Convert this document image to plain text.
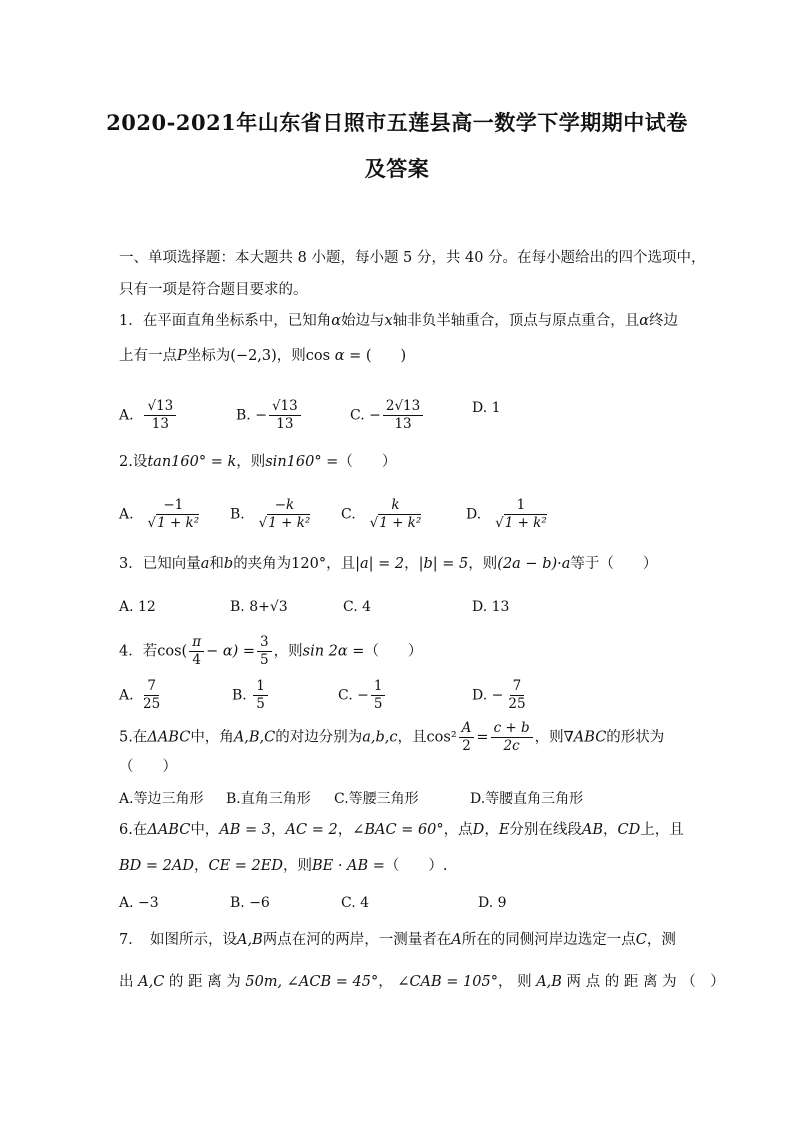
2020-2021年山东省日照市五莲县高一数学下学期期中试卷
及答案
一、单项选择题：本大题共 8 小题，每小题 5 分，共 40 分。在每小题给出的四个选项中，
只有一项是符合题目要求的。
1．在平面直角坐标系中，已知角α始边与x轴非负半轴重合，顶点与原点重合，且α终边
上有一点P坐标为(−2,3)，则cos α = (　　)
A. $\frac{√13}{13}$	B. − $\frac{√13}{13}$	C. − $\frac{2√13}{13}$	D. 1
2.设tan160° = k，则sin160° =（　　）
A. $\frac{-1}{\text{√1 + k²}} B$. $\frac{-k}{\text{√1 + k²}} C$. $\frac{k}{\text{√1 + k²}}$	D. $\frac{1}{\text{√1 + k²}}$
3．已知向量a和b的夹角为120°，且|a| = 2，|b| = 5，则(2a − b)·a等于（　　）
A. 12	B. 8+√3	C. 4	D. 13
4．若$\cos( \frac{\pi}{4} - \alpha) = \frac{3}{5}$ ，则sin 2α =（　　）
A. $\frac{7}{25}$	B. $\frac{1}{5}$	C. − $\frac{1}{5}$	D. − $\frac{7}{25}$
5.在ΔABC中，角A,B,C的对边分别为a,b,c，且$\cos^2 \frac{A}{2} = \frac{c + b}{2c}$ ，则∇ABC的形状为
（　　）
A.等边三角形 B.直角三角形 C.等腰三角形	D.等腰直角三角形
6.在ΔABC中，AB = 3，AC = 2，∠BAC = 60°，点D，E分别在线段AB，CD上，且
BD = 2AD，CE = 2ED，则BE · AB =（　　）.
A. −3	B. −6	C. 4	D. 9
7．　如图所示，设A,B两点在河的两岸，一测量者在A所在的同侧河岸边选定一点C，测
出 A,C 的 距 离 为 50m, ∠ACB = 45°， ∠CAB = 105°， 则 A,B 两 点 的 距 离 为 （　）
